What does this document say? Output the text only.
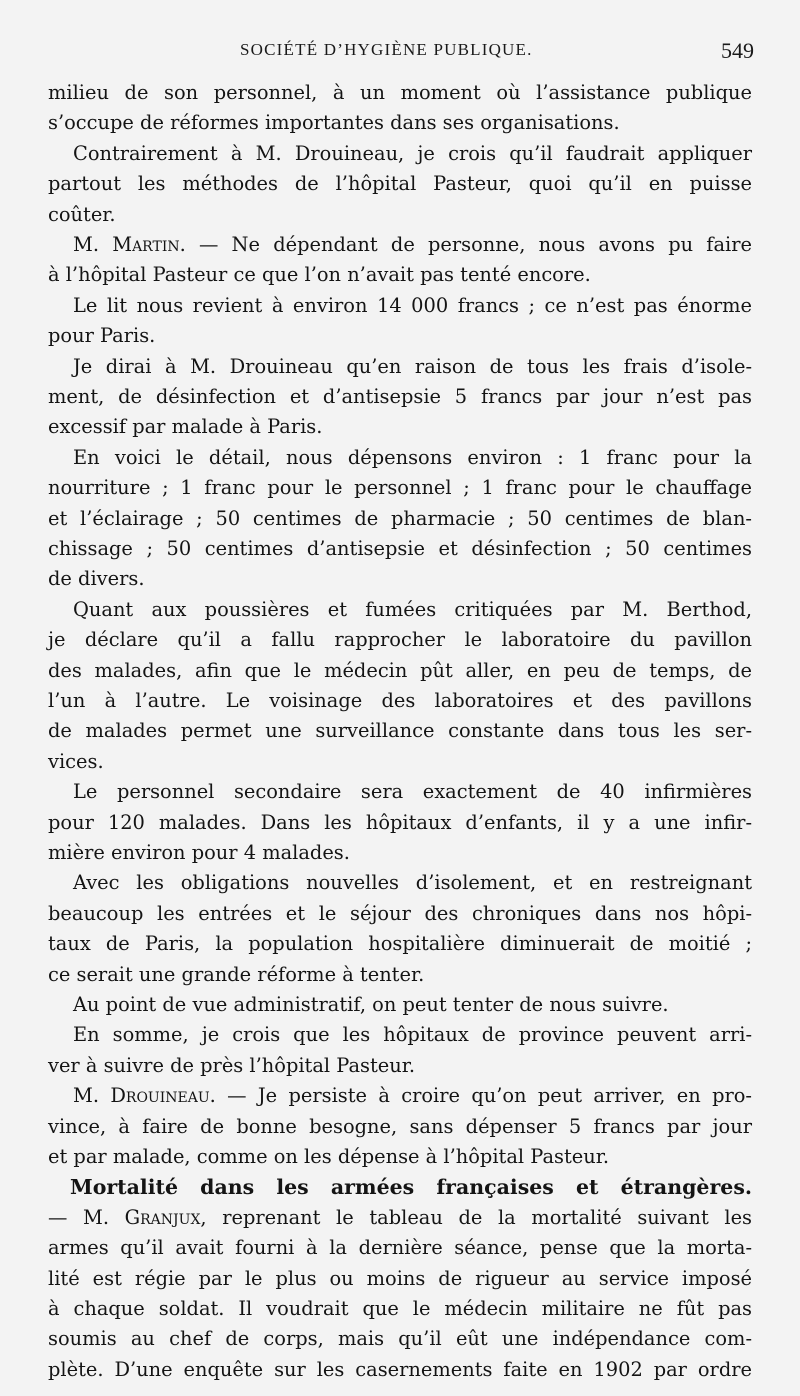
SOCIÉTÉ D’HYGIÈNE PUBLIQUE.	549
milieu de son personnel, à un moment où l’assistance publique
s’occupe de réformes importantes dans ses organisations.
Contrairement à M. Drouineau, je crois qu’il faudrait appliquer
partout les méthodes de l’hôpital Pasteur, quoi qu’il en puisse
coûter.
M. Martin. — Ne dépendant de personne, nous avons pu faire
à l’hôpital Pasteur ce que l’on n’avait pas tenté encore.
Le lit nous revient à environ 14 000 francs ; ce n’est pas énorme
pour Paris.
Je dirai à M. Drouineau qu’en raison de tous les frais d’isole-
ment, de désinfection et d’antisepsie 5 francs par jour n’est pas
excessif par malade à Paris.
En voici le détail, nous dépensons environ : 1 franc pour la
nourriture ; 1 franc pour le personnel ; 1 franc pour le chauffage
et l’éclairage ; 50 centimes de pharmacie ; 50 centimes de blan-
chissage ; 50 centimes d’antisepsie et désinfection ; 50 centimes
de divers.
Quant aux poussières et fumées critiquées par M. Berthod,
je déclare qu’il a fallu rapprocher le laboratoire du pavillon
des malades, afin que le médecin pût aller, en peu de temps, de
l’un à l’autre. Le voisinage des laboratoires et des pavillons
de malades permet une surveillance constante dans tous les ser-
vices.
Le personnel secondaire sera exactement de 40 infirmières
pour 120 malades. Dans les hôpitaux d’enfants, il y a une infir-
mière environ pour 4 malades.
Avec les obligations nouvelles d’isolement, et en restreignant
beaucoup les entrées et le séjour des chroniques dans nos hôpi-
taux de Paris, la population hospitalière diminuerait de moitié ;
ce serait une grande réforme à tenter.
Au point de vue administratif, on peut tenter de nous suivre.
En somme, je crois que les hôpitaux de province peuvent arri-
ver à suivre de près l’hôpital Pasteur.
M. Drouineau. — Je persiste à croire qu’on peut arriver, en pro-
vince, à faire de bonne besogne, sans dépenser 5 francs par jour
et par malade, comme on les dépense à l’hôpital Pasteur.
Mortalité dans les armées françaises et étrangères.
— M. Granjux, reprenant le tableau de la mortalité suivant les
armes qu’il avait fourni à la dernière séance, pense que la morta-
lité est régie par le plus ou moins de rigueur au service imposé
à chaque soldat. Il voudrait que le médecin militaire ne fût pas
soumis au chef de corps, mais qu’il eût une indépendance com-
plète. D’une enquête sur les casernements faite en 1902 par ordre
